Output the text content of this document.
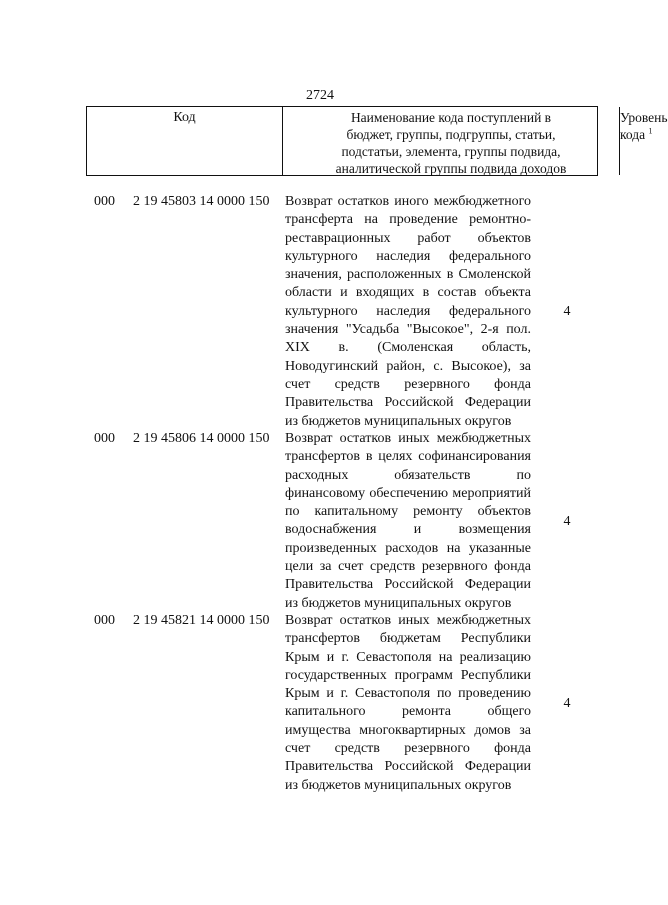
2724
Код	Наименование кода поступлений в
бюджет, группы, подгруппы, статьи,
подстатьи, элемента, группы подвида,
аналитической группы подвида доходов
Уровень
кода $^1$
000 2 19 45803 14 0000 150 Возврат остатков иного межбюджетного
трансферта на проведение ремонтно-
реставрационных работ объектов
культурного наследия федерального
значения, расположенных в Смоленской
области и входящих в состав объекта
культурного наследия федерального
значения "Усадьба "Высокое", 2-я пол.
XIX в. (Смоленская область,
Новодугинский район, с. Высокое), за
счет средств резервного фонда
Правительства Российской Федерации
из бюджетов муниципальных округов
4
000 2 19 45806 14 0000 150 Возврат остатков иных межбюджетных
трансфертов в целях софинансирования
расходных обязательств по
финансовому обеспечению мероприятий
по капитальному ремонту объектов
водоснабжения и возмещения
произведенных расходов на указанные
цели за счет средств резервного фонда
Правительства Российской Федерации
из бюджетов муниципальных округов
4
000 2 19 45821 14 0000 150 Возврат остатков иных межбюджетных
трансфертов бюджетам Республики
Крым и г. Севастополя на реализацию
государственных программ Республики
Крым и г. Севастополя по проведению
капитального ремонта общего
имущества многоквартирных домов за
счет средств резервного фонда
Правительства Российской Федерации
из бюджетов муниципальных округов
4
